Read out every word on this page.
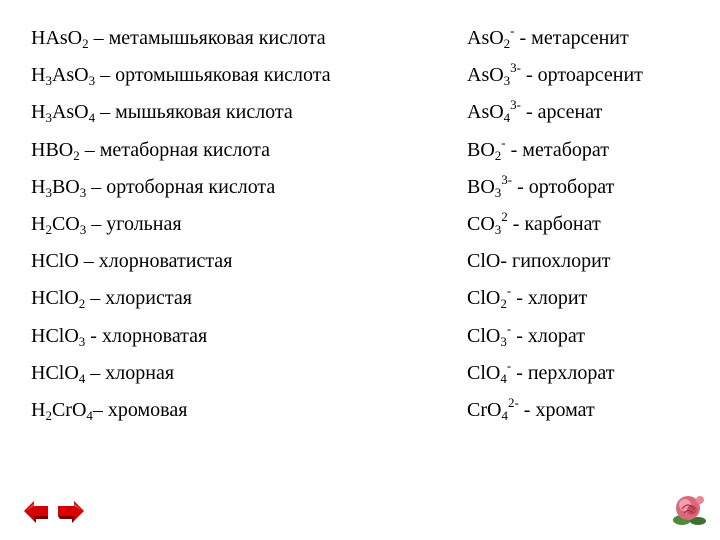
HAsO$_2$ – метамышьяковая кислота	AsO$_2$- - метарсенит
$H_3AsO_3$ – ортомышьяковая кислота	AsO$_3^{3-}$ - ортоарсенит
$H_3AsO_4$ – мышьяковая кислота	AsO$_4^{3-}$ - арсенат
$HBO_2$ – метаборная кислота	$BO_2^-$ - метаборат
$H_3BO_3$ – ортоборная кислота	$BO_3^{3-}$ - ортоборат
$H_2CO_3$ – угольная	$CO_3^2$ - карбонат
HClO – хлорноватистая	ClO- гипохлорит
HClO$_2$ – хлористая	ClO$_2$- - хлорит
HClO$_3$ - хлорноватая	ClO$_3$- - хлорат
HClO$_4$ – хлорная	ClO$_4$- - перхлорат
$H_2CrO_4-$ хромовая	CrO$_4^{2-}$ - хромат
